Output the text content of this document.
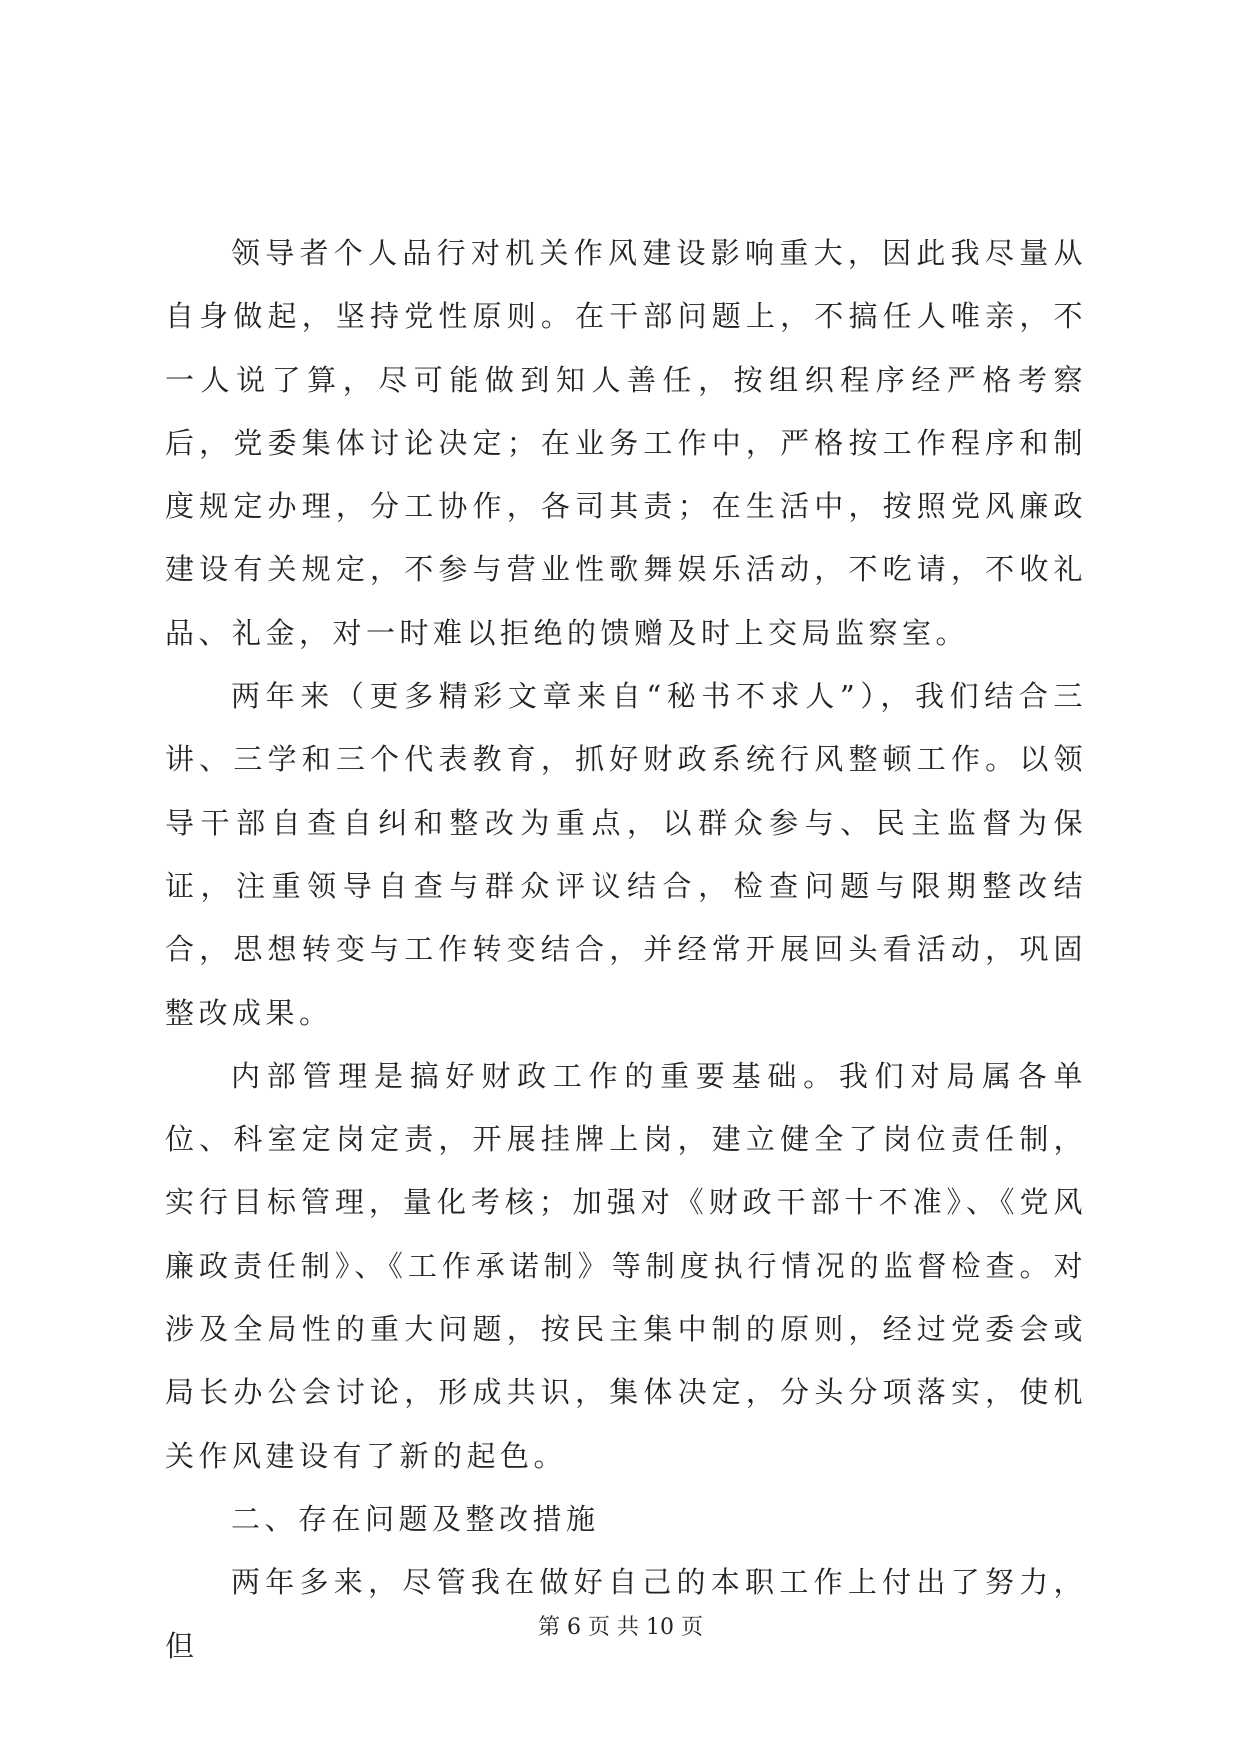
领导者个人品行对机关作风建设影响重大，因此我尽量从自身做起，坚持党性原则。在干部问题上，不搞任人唯亲，不一人说了算，尽可能做到知人善任，按组织程序经严格考察后，党委集体讨论决定；在业务工作中，严格按工作程序和制度规定办理，分工协作，各司其责；在生活中，按照党风廉政建设有关规定，不参与营业性歌舞娱乐活动，不吃请，不收礼品、礼金，对一时难以拒绝的馈赠及时上交局监察室。

两年来（更多精彩文章来自“秘书不求人”），我们结合三讲、三学和三个代表教育，抓好财政系统行风整顿工作。以领导干部自查自纠和整改为重点，以群众参与、民主监督为保证，注重领导自查与群众评议结合，检查问题与限期整改结合，思想转变与工作转变结合，并经常开展回头看活动，巩固整改成果。

内部管理是搞好财政工作的重要基础。我们对局属各单位、科室定岗定责，开展挂牌上岗，建立健全了岗位责任制，实行目标管理，量化考核；加强对《财政干部十不准》、《党风廉政责任制》、《工作承诺制》等制度执行情况的监督检查。对涉及全局性的重大问题，按民主集中制的原则，经过党委会或局长办公会讨论，形成共识，集体决定，分头分项落实，使机关作风建设有了新的起色。

二、存在问题及整改措施

两年多来，尽管我在做好自己的本职工作上付出了努力，但

第 6 页 共 10 页
